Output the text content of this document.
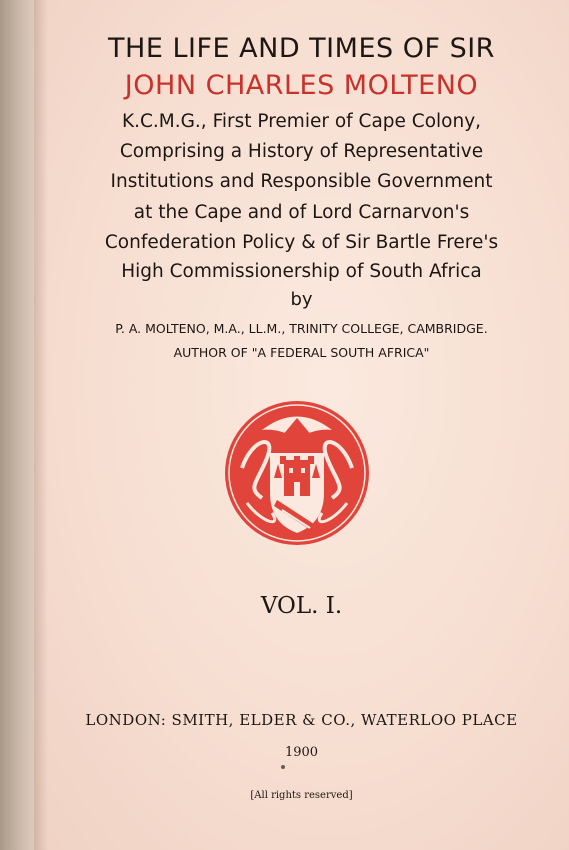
THE LIFE AND TIMES OF SIR
JOHN CHARLES MOLTENO
K.C.M.G., First Premier of Cape Colony,
Comprising a History of Representative
Institutions and Responsible Government
at the Cape and of Lord Carnarvon's
Confederation Policy & of Sir Bartle Frere's
High Commissionership of South Africa
by
P. A. MOLTENO, M.A., LL.M., TRINITY COLLEGE, CAMBRIDGE.
AUTHOR OF "A FEDERAL SOUTH AFRICA"
VOL. I.
LONDON: SMITH, ELDER & CO., WATERLOO PLACE
1900
[All rights reserved]
